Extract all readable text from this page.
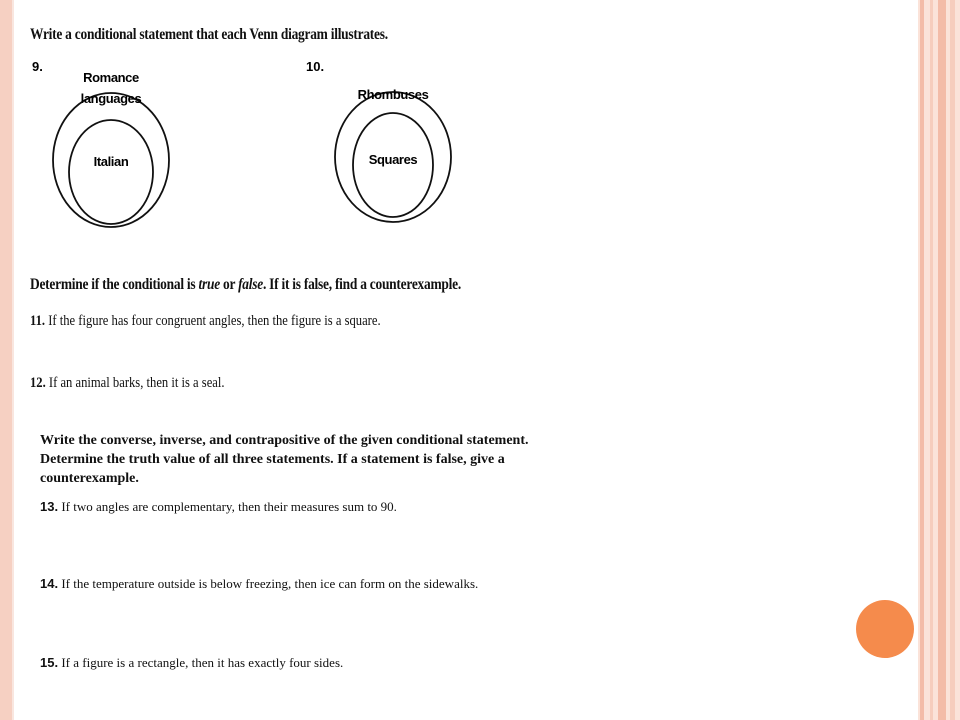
Write a conditional statement that each Venn diagram illustrates.
9.
Romance
languages
Italian
10.
Rhombuses
Squares
Determine if the conditional is true or false. If it is false, find a counterexample.
11. If the figure has four congruent angles, then the figure is a square.
12. If an animal barks, then it is a seal.
Write the converse, inverse, and contrapositive of the given conditional statement. Determine the truth value of all three statements. If a statement is false, give a counterexample.
13. If two angles are complementary, then their measures sum to 90.
14. If the temperature outside is below freezing, then ice can form on the sidewalks.
15. If a figure is a rectangle, then it has exactly four sides.
